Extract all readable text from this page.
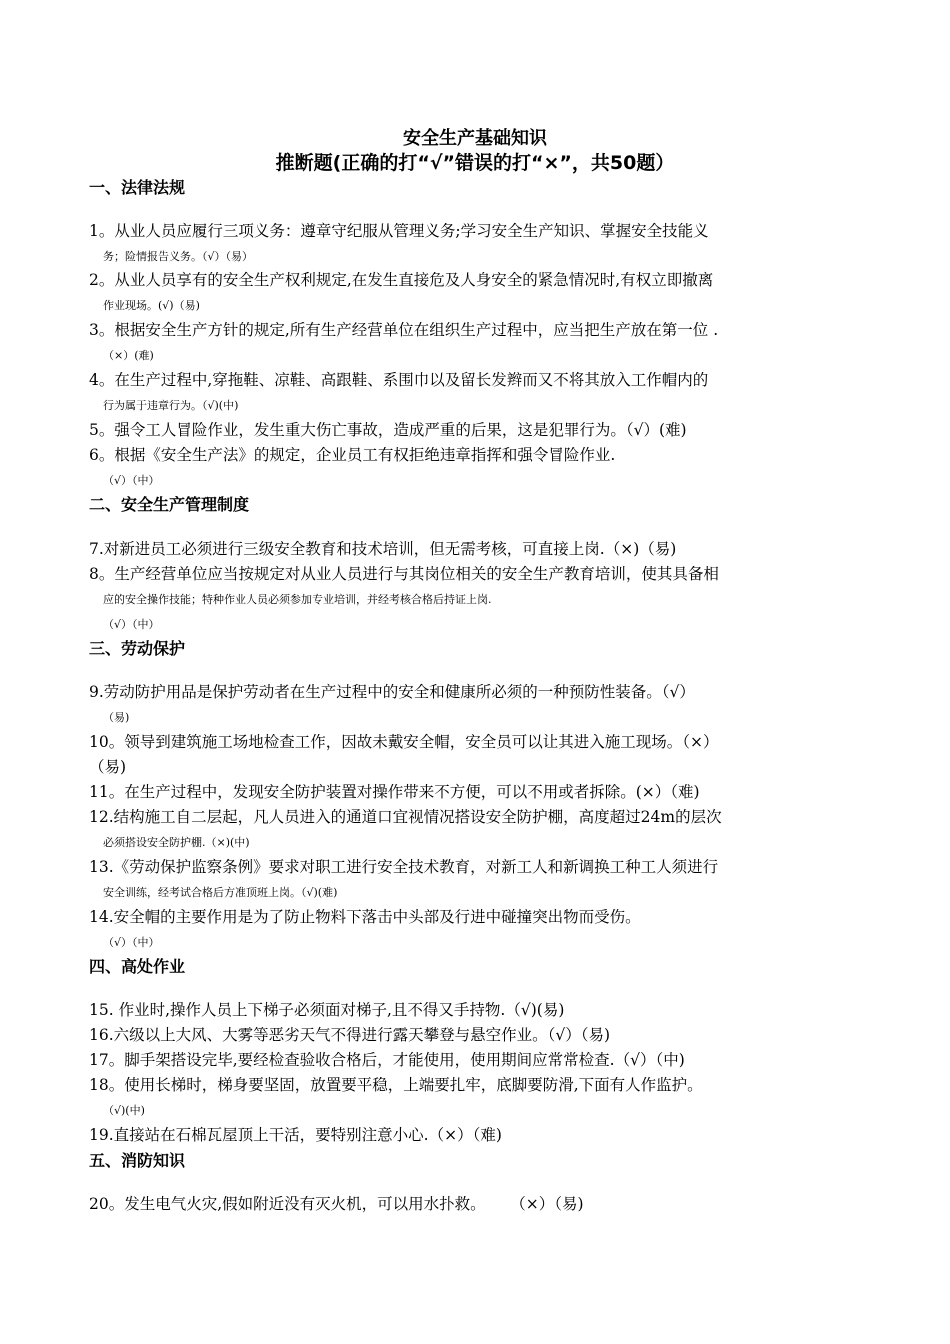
安全生产基础知识
推断题(正确的打“√”错误的打“×”，共50题）
一、法律法规
1。从业人员应履行三项义务：遵章守纪服从管理义务;学习安全生产知识、掌握安全技能义
务；险情报告义务。（√）（易）
2。从业人员享有的安全生产权利规定,在发生直接危及人身安全的紧急情况时,有权立即撤离
作业现场。(√)（易)
3。根据安全生产方针的规定,所有生产经营单位在组织生产过程中，应当把生产放在第一位 .
（×）(难)
4。在生产过程中,穿拖鞋、凉鞋、高跟鞋、系围巾以及留长发辫而又不将其放入工作帽内的
行为属于违章行为。（√)(中)
5。强令工人冒险作业，发生重大伤亡事故，造成严重的后果，这是犯罪行为。（√）(难)
6。根据《安全生产法》的规定，企业员工有权拒绝违章指挥和强令冒险作业.
（√）（中）
二、安全生产管理制度
7.对新进员工必须进行三级安全教育和技术培训，但无需考核，可直接上岗.（×)（易)
8。生产经营单位应当按规定对从业人员进行与其岗位相关的安全生产教育培训，使其具备相
应的安全操作技能；特种作业人员必须参加专业培训，并经考核合格后持证上岗.
（√）（中）
三、劳动保护
9.劳动防护用品是保护劳动者在生产过程中的安全和健康所必须的一种预防性装备。（√）
（易)
10。领导到建筑施工场地检查工作，因故未戴安全帽，安全员可以让其进入施工现场。（×）
（易)
11。在生产过程中，发现安全防护装置对操作带来不方便，可以不用或者拆除。(×）（难)
12.结构施工自二层起，凡人员进入的通道口宜视情况搭设安全防护棚，高度超过24m的层次
必须搭设安全防护棚.（×)(中)
13.《劳动保护监察条例》要求对职工进行安全技术教育，对新工人和新调换工种工人须进行
安全训练，经考试合格后方准顶班上岗。（√)(难)
14.安全帽的主要作用是为了防止物料下落击中头部及行进中碰撞突出物而受伤。
（√）（中）
四、高处作业
15. 作业时,操作人员上下梯子必须面对梯子,且不得又手持物.（√)(易)
16.六级以上大风、大雾等恶劣天气不得进行露天攀登与悬空作业。（√）（易)
17。脚手架搭设完毕,要经检查验收合格后，才能使用，使用期间应常常检查.（√）（中)
18。使用长梯时，梯身要坚固，放置要平稳，上端要扎牢，底脚要防滑,下面有人作监护。
（√)(中)
19.直接站在石棉瓦屋顶上干活，要特别注意小心.（×）（难)
五、消防知识
20。发生电气火灾,假如附近没有灭火机，可以用水扑救。     （×）（易)
